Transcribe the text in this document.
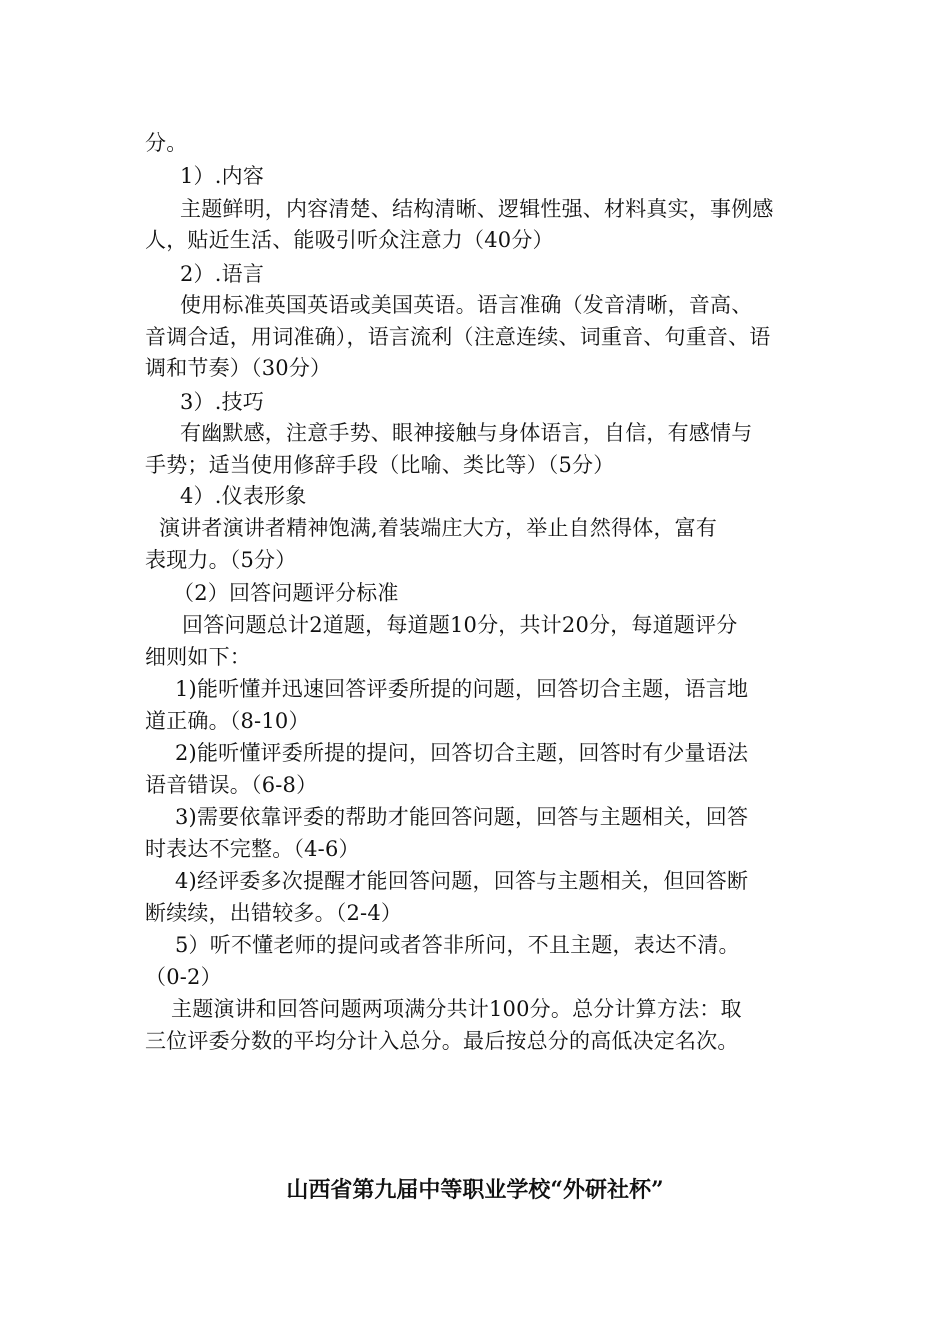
分。
1）.内容
主题鲜明，内容清楚、结构清晰、逻辑性强、材料真实，事例感
人，贴近生活、能吸引听众注意力（40分）
2）.语言
使用标准英国英语或美国英语。语言准确（发音清晰，音高、
音调合适，用词准确），语言流利（注意连续、词重音、句重音、语
调和节奏）（30分）
3）.技巧
有幽默感，注意手势、眼神接触与身体语言，自信，有感情与
手势；适当使用修辞手段（比喻、类比等）（5分）
4）.仪表形象
演讲者演讲者精神饱满,着装端庄大方，举止自然得体，富有
表现力。（5分）
（2）回答问题评分标准
回答问题总计2道题，每道题10分，共计20分，每道题评分
细则如下：
1)能听懂并迅速回答评委所提的问题，回答切合主题，语言地
道正确。（8-10）
2)能听懂评委所提的提问，回答切合主题，回答时有少量语法
语音错误。（6-8）
3)需要依靠评委的帮助才能回答问题，回答与主题相关，回答
时表达不完整。（4-6）
4)经评委多次提醒才能回答问题，回答与主题相关，但回答断
断续续，出错较多。（2-4）
5）听不懂老师的提问或者答非所问，不且主题，表达不清。
（0-2）
主题演讲和回答问题两项满分共计100分。总分计算方法：取
三位评委分数的平均分计入总分。最后按总分的高低决定名次。
山西省第九届中等职业学校“外研社杯”
